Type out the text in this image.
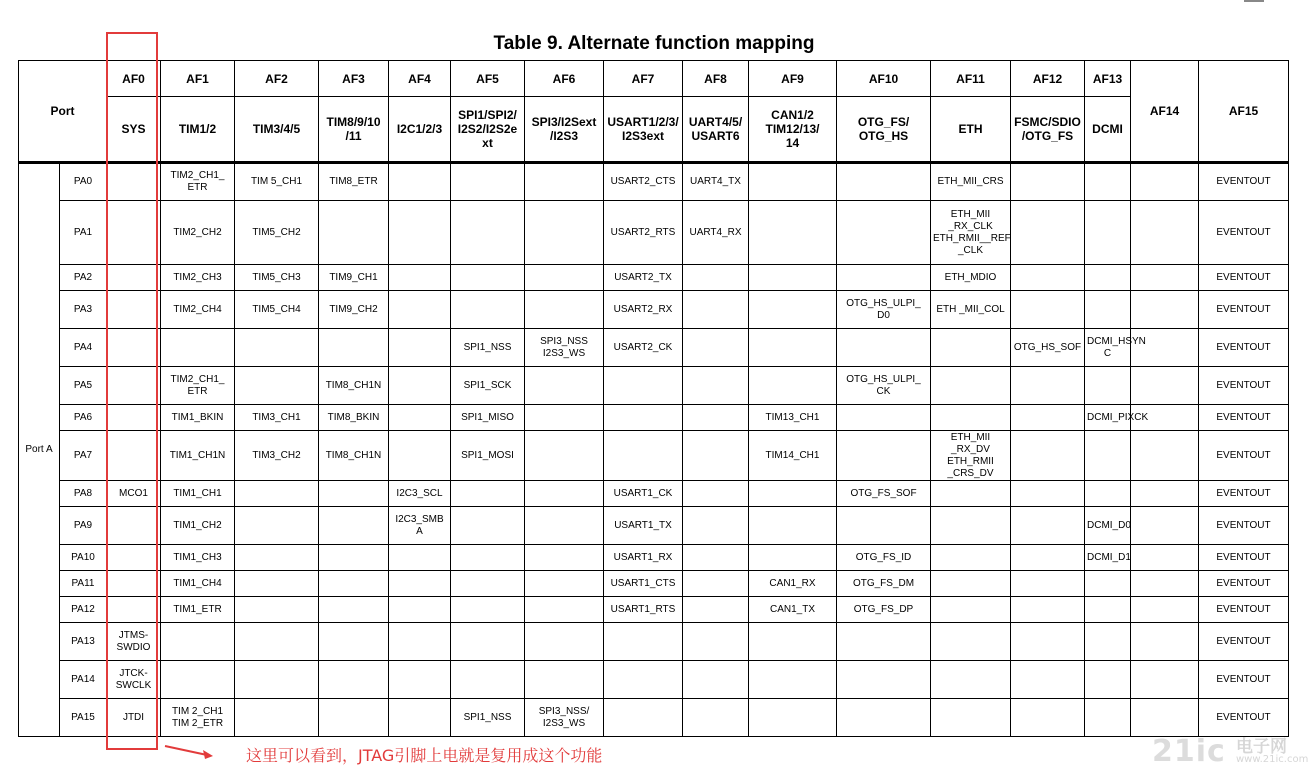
Table 9. Alternate function mapping
Port		AF0	AF1	AF2	AF3	AF4	AF5	AF6	AF7	AF8	AF9	AF10	AF11	AF12	AF13	AF14	AF15
		SYS	TIM1/2	TIM3/4/5	TIM8/9/10
/11	I2C1/2/3	SPI1/SPI2/
I2S2/I2S2e
xt	SPI3/I2Sext
/I2S3	USART1/2/3/
I2S3ext	UART4/5/
USART6	CAN1/2
TIM12/13/
14	OTG_FS/
OTG_HS	ETH	FSMC/SDIO
/OTG_FS	DCMI		
Port A	PA0		TIM2_CH1_
ETR	TIM 5_CH1	TIM8_ETR				USART2_CTS	UART4_TX			ETH_MII_CRS				EVENTOUT
	PA1		TIM2_CH2	TIM5_CH2					USART2_RTS	UART4_RX			ETH_MII
_RX_CLK
ETH_RMII__REF
_CLK				EVENTOUT
	PA2		TIM2_CH3	TIM5_CH3	TIM9_CH1				USART2_TX				ETH_MDIO				EVENTOUT
	PA3		TIM2_CH4	TIM5_CH4	TIM9_CH2				USART2_RX			OTG_HS_ULPI_
D0	ETH _MII_COL				EVENTOUT
	PA4						SPI1_NSS	SPI3_NSS
I2S3_WS	USART2_CK					OTG_HS_SOF	DCMI_HSYN
C		EVENTOUT
	PA5		TIM2_CH1_
ETR		TIM8_CH1N		SPI1_SCK					OTG_HS_ULPI_
CK					EVENTOUT
	PA6		TIM1_BKIN	TIM3_CH1	TIM8_BKIN		SPI1_MISO				TIM13_CH1				DCMI_PIXCK		EVENTOUT
	PA7		TIM1_CH1N	TIM3_CH2	TIM8_CH1N		SPI1_MOSI				TIM14_CH1		ETH_MII _RX_DV
ETH_RMII
_CRS_DV				EVENTOUT
	PA8	MCO1	TIM1_CH1			I2C3_SCL			USART1_CK			OTG_FS_SOF					EVENTOUT
	PA9		TIM1_CH2			I2C3_SMB
A			USART1_TX						DCMI_D0		EVENTOUT
	PA10		TIM1_CH3						USART1_RX			OTG_FS_ID			DCMI_D1		EVENTOUT
	PA11		TIM1_CH4						USART1_CTS		CAN1_RX	OTG_FS_DM					EVENTOUT
	PA12		TIM1_ETR						USART1_RTS		CAN1_TX	OTG_FS_DP					EVENTOUT
	PA13	JTMS-
SWDIO															EVENTOUT
	PA14	JTCK-
SWCLK															EVENTOUT
	PA15	JTDI	TIM 2_CH1
TIM 2_ETR				SPI1_NSS	SPI3_NSS/
I2S3_WS									EVENTOUT
这里可以看到，JTAG引脚上电就是复用成这个功能	21ic 电子网
www.21ic.com
